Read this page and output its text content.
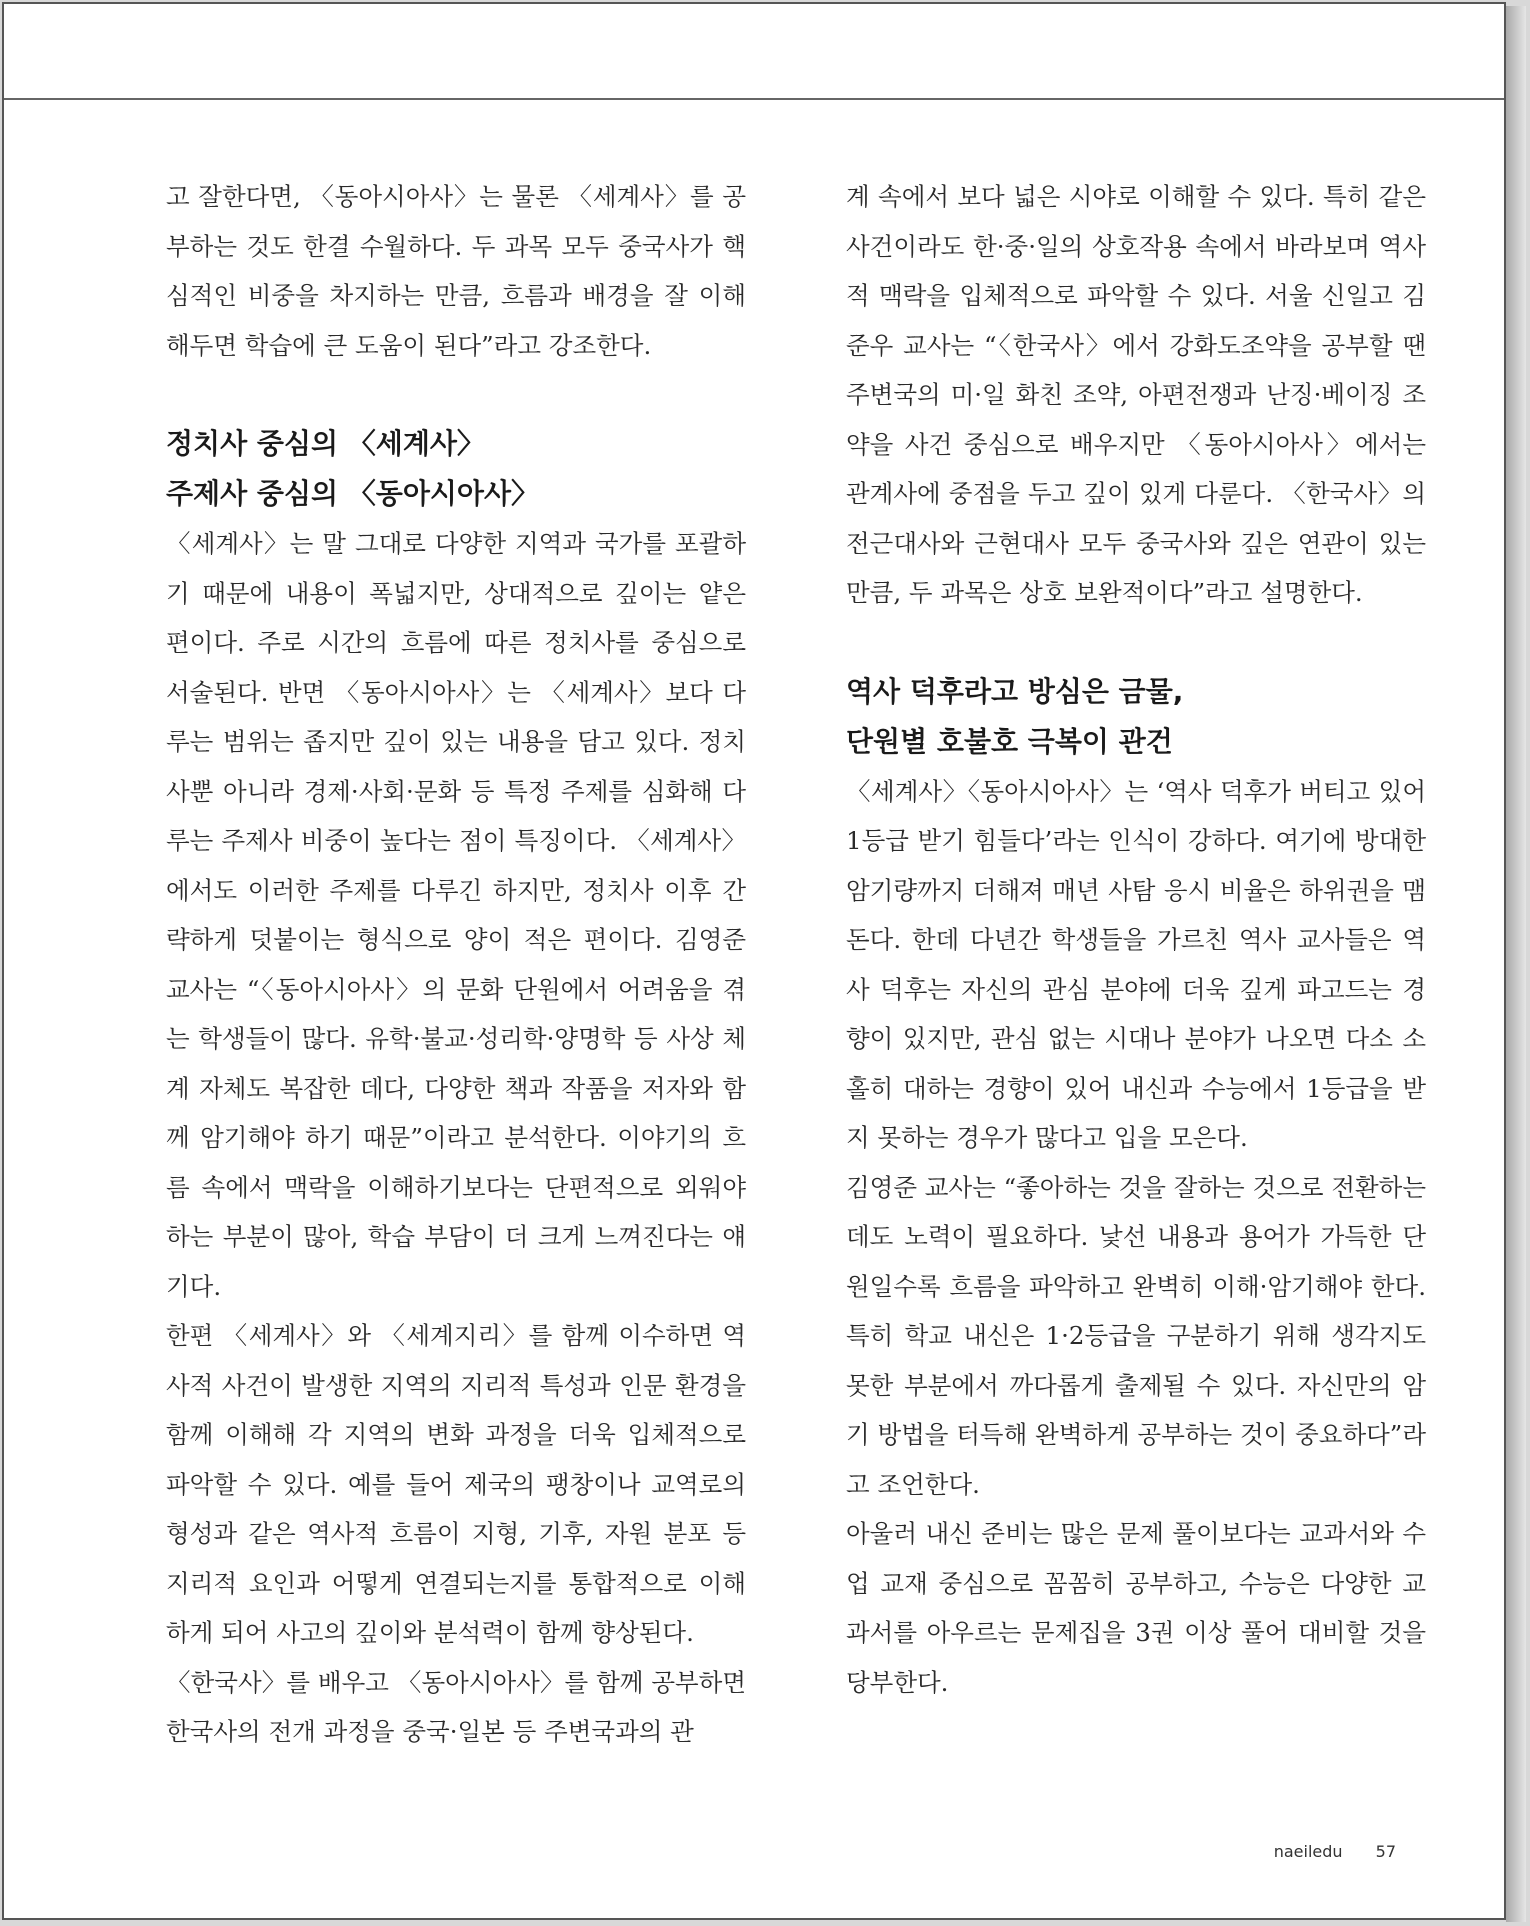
고 잘한다면, 〈동아시아사〉는 물론 〈세계사〉를 공부하는 것도 한결 수월하다. 두 과목 모두 중국사가 핵심적인 비중을 차지하는 만큼, 흐름과 배경을 잘 이해해두면 학습에 큰 도움이 된다”라고 강조한다.

정치사 중심의 〈세계사〉
주제사 중심의 〈동아시아사〉

〈세계사〉는 말 그대로 다양한 지역과 국가를 포괄하기 때문에 내용이 폭넓지만, 상대적으로 깊이는 얕은 편이다. 주로 시간의 흐름에 따른 정치사를 중심으로 서술된다. 반면 〈동아시아사〉는 〈세계사〉보다 다루는 범위는 좁지만 깊이 있는 내용을 담고 있다. 정치사뿐 아니라 경제·사회·문화 등 특정 주제를 심화해 다루는 주제사 비중이 높다는 점이 특징이다. 〈세계사〉에서도 이러한 주제를 다루긴 하지만, 정치사 이후 간략하게 덧붙이는 형식으로 양이 적은 편이다. 김영준 교사는 “〈동아시아사〉의 문화 단원에서 어려움을 겪는 학생들이 많다. 유학·불교·성리학·양명학 등 사상 체계 자체도 복잡한 데다, 다양한 책과 작품을 저자와 함께 암기해야 하기 때문”이라고 분석한다. 이야기의 흐름 속에서 맥락을 이해하기보다는 단편적으로 외워야 하는 부분이 많아, 학습 부담이 더 크게 느껴진다는 얘기다.

한편 〈세계사〉와 〈세계지리〉를 함께 이수하면 역사적 사건이 발생한 지역의 지리적 특성과 인문 환경을 함께 이해해 각 지역의 변화 과정을 더욱 입체적으로 파악할 수 있다. 예를 들어 제국의 팽창이나 교역로의 형성과 같은 역사적 흐름이 지형, 기후, 자원 분포 등 지리적 요인과 어떻게 연결되는지를 통합적으로 이해하게 되어 사고의 깊이와 분석력이 함께 향상된다.

〈한국사〉를 배우고 〈동아시아사〉를 함께 공부하면 한국사의 전개 과정을 중국·일본 등 주변국과의 관

계 속에서 보다 넓은 시야로 이해할 수 있다. 특히 같은 사건이라도 한·중·일의 상호작용 속에서 바라보며 역사적 맥락을 입체적으로 파악할 수 있다. 서울 신일고 김준우 교사는 “〈한국사〉에서 강화도조약을 공부할 땐 주변국의 미·일 화친 조약, 아편전쟁과 난징·베이징 조약을 사건 중심으로 배우지만 〈동아시아사〉에서는 관계사에 중점을 두고 깊이 있게 다룬다. 〈한국사〉의 전근대사와 근현대사 모두 중국사와 깊은 연관이 있는 만큼, 두 과목은 상호 보완적이다”라고 설명한다.

역사 덕후라고 방심은 금물,
단원별 호불호 극복이 관건

〈세계사〉〈동아시아사〉는 ‘역사 덕후가 버티고 있어 1등급 받기 힘들다’라는 인식이 강하다. 여기에 방대한 암기량까지 더해져 매년 사탐 응시 비율은 하위권을 맴돈다. 한데 다년간 학생들을 가르친 역사 교사들은 역사 덕후는 자신의 관심 분야에 더욱 깊게 파고드는 경향이 있지만, 관심 없는 시대나 분야가 나오면 다소 소홀히 대하는 경향이 있어 내신과 수능에서 1등급을 받지 못하는 경우가 많다고 입을 모은다.

김영준 교사는 “좋아하는 것을 잘하는 것으로 전환하는 데도 노력이 필요하다. 낯선 내용과 용어가 가득한 단원일수록 흐름을 파악하고 완벽히 이해·암기해야 한다. 특히 학교 내신은 1·2등급을 구분하기 위해 생각지도 못한 부분에서 까다롭게 출제될 수 있다. 자신만의 암기 방법을 터득해 완벽하게 공부하는 것이 중요하다”라고 조언한다.

아울러 내신 준비는 많은 문제 풀이보다는 교과서와 수업 교재 중심으로 꼼꼼히 공부하고, 수능은 다양한 교과서를 아우르는 문제집을 3권 이상 풀어 대비할 것을 당부한다.

naeiledu 57
